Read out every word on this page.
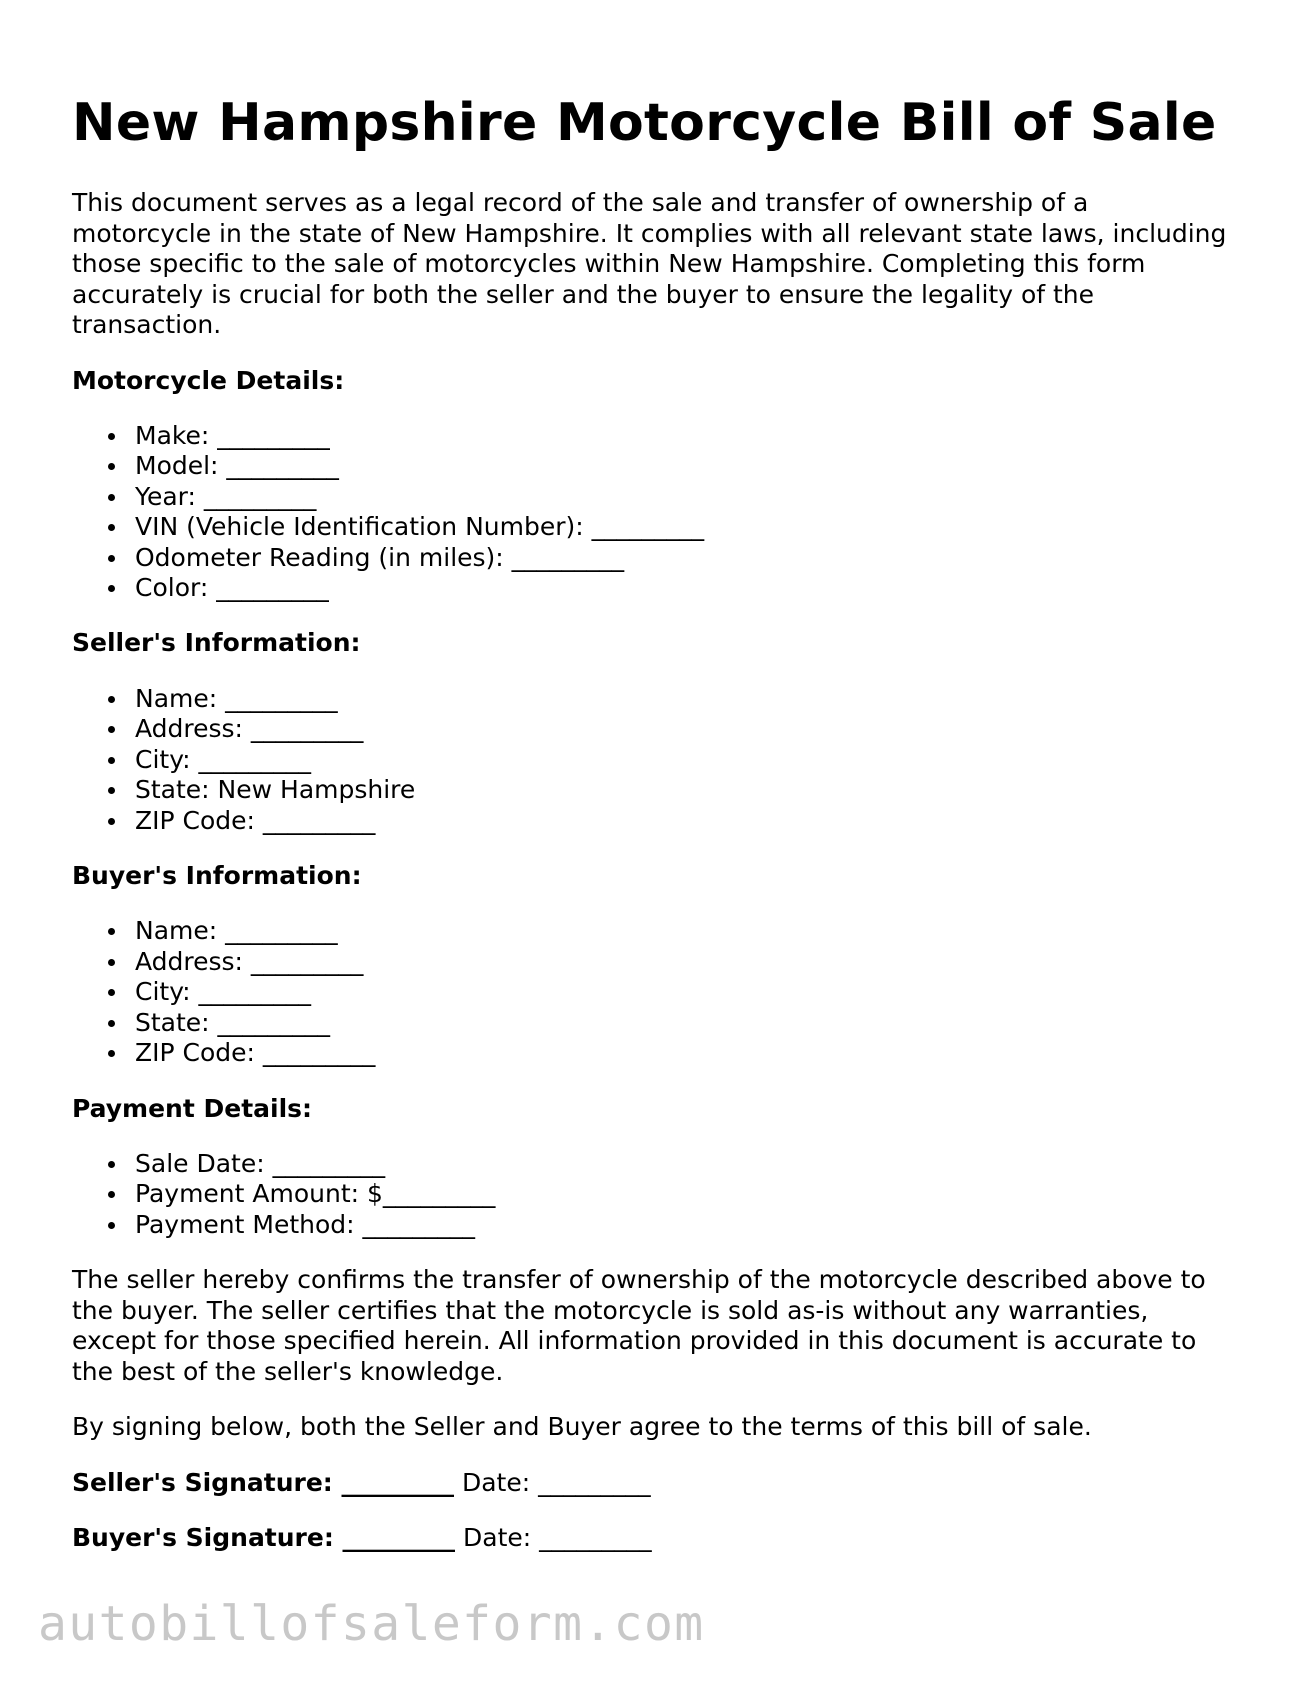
New Hampshire Motorcycle Bill of Sale

This document serves as a legal record of the sale and transfer of ownership of a motorcycle in the state of New Hampshire. It complies with all relevant state laws, including those specific to the sale of motorcycles within New Hampshire. Completing this form accurately is crucial for both the seller and the buyer to ensure the legality of the transaction.

Motorcycle Details:

Make: _________
Model: _________
Year: _________
VIN (Vehicle Identification Number): _________
Odometer Reading (in miles): _________
Color: _________

Seller's Information:

Name: _________
Address: _________
City: _________
State: New Hampshire
ZIP Code: _________

Buyer's Information:

Name: _________
Address: _________
City: _________
State: _________
ZIP Code: _________

Payment Details:

Sale Date: _________
Payment Amount: $_________
Payment Method: _________

The seller hereby confirms the transfer of ownership of the motorcycle described above to the buyer. The seller certifies that the motorcycle is sold as-is without any warranties, except for those specified herein. All information provided in this document is accurate to the best of the seller's knowledge.

By signing below, both the Seller and Buyer agree to the terms of this bill of sale.

Seller's Signature: _________ Date: _________

Buyer's Signature: _________ Date: _________

autobillofsaleform.com
